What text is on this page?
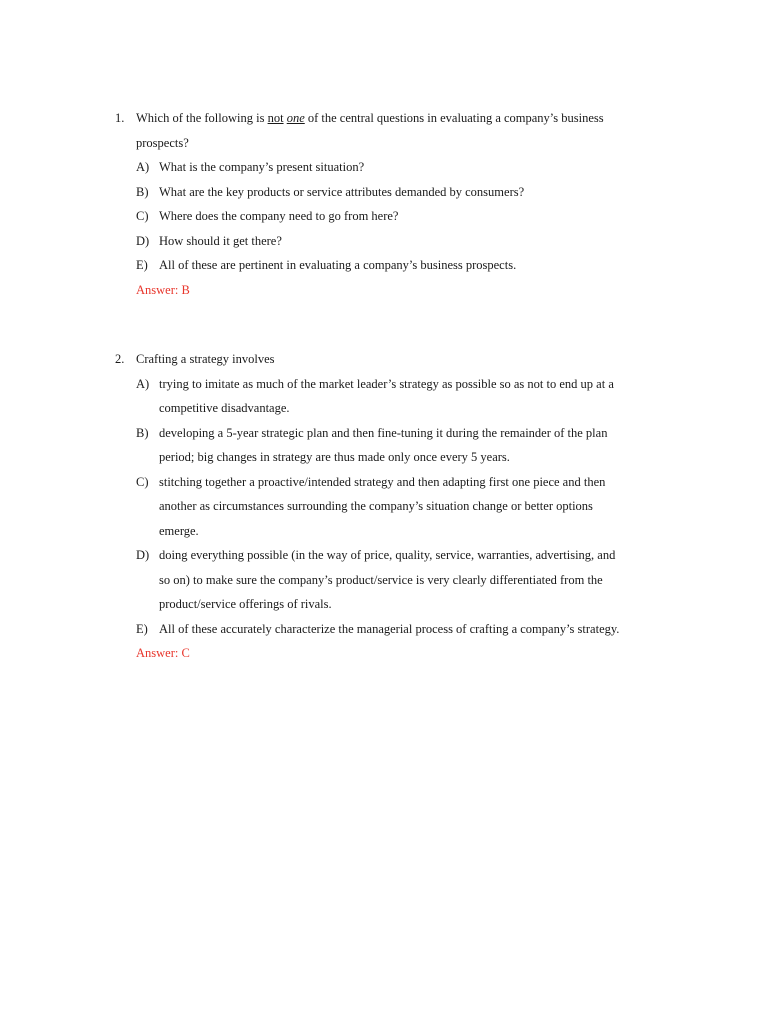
1. Which of the following is not one of the central questions in evaluating a company’s business
prospects?
A) What is the company’s present situation?
B) What are the key products or service attributes demanded by consumers?
C) Where does the company need to go from here?
D) How should it get there?
E) All of these are pertinent in evaluating a company’s business prospects.
Answer: B
2. Crafting a strategy involves
A) trying to imitate as much of the market leader’s strategy as possible so as not to end up at a
competitive disadvantage.
B) developing a 5-year strategic plan and then fine-tuning it during the remainder of the plan
period; big changes in strategy are thus made only once every 5 years.
C) stitching together a proactive/intended strategy and then adapting first one piece and then
another as circumstances surrounding the company’s situation change or better options
emerge.
D) doing everything possible (in the way of price, quality, service, warranties, advertising, and
so on) to make sure the company’s product/service is very clearly differentiated from the
product/service offerings of rivals.
E) All of these accurately characterize the managerial process of crafting a company’s strategy.
Answer: C
